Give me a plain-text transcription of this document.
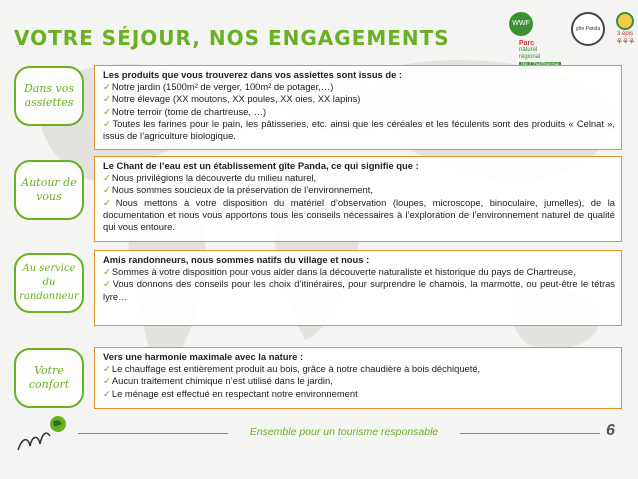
VOTRE SÉJOUR, NOS ENGAGEMENTS
WWF
Parc
naturel
régional
gîte Panda
3 épis
⚘⚘⚘
Dans vos assiettes
Les produits que vous trouverez dans vos assiettes sont issus de :
✓ Notre jardin (1500m² de verger, 100m² de potager,…)
✓ Notre élevage (XX moutons, XX poules, XX oies, XX lapins)
✓ Notre terroir (tome de chartreuse, …)
✓ Toutes les farines pour le pain, les pâtisseries, etc. ainsi que les céréales et les féculents sont des produits « Celnat », issus de l’agriculture biologique.
Autour de vous
Le Chant de l’eau est un établissement gîte Panda, ce qui signifie que :
✓ Nous privilégions la découverte du milieu naturel,
✓ Nous sommes soucieux de la préservation de l’environnement,
✓ Nous mettons à votre disposition du matériel d’observation (loupes, microscope, binoculaire, jumelles), de la documentation et nous vous apportons tous les conseils nécessaires à l’exploration de l’environnement naturel de qualité qui vous entoure.
Au service du randonneur
Amis randonneurs, nous sommes natifs du village et nous :
✓ Sommes à votre disposition pour vous aider dans la découverte naturaliste et historique du pays de Chartreuse,
✓ Vous donnons des conseils pour les choix d’itinéraires, pour surprendre le chamois, la marmotte, ou peut-être le tétras lyre…
Votre confort
Vers une harmonie maximale avec la nature :
✓ Le chauffage est entièrement produit au bois, grâce à notre chaudière à bois déchiqueté,
✓ Aucun traitement chimique n’est utilisé dans le jardin,
✓ Le ménage est effectué en respectant notre environnement
Ensemble pour un tourisme responsable	6
